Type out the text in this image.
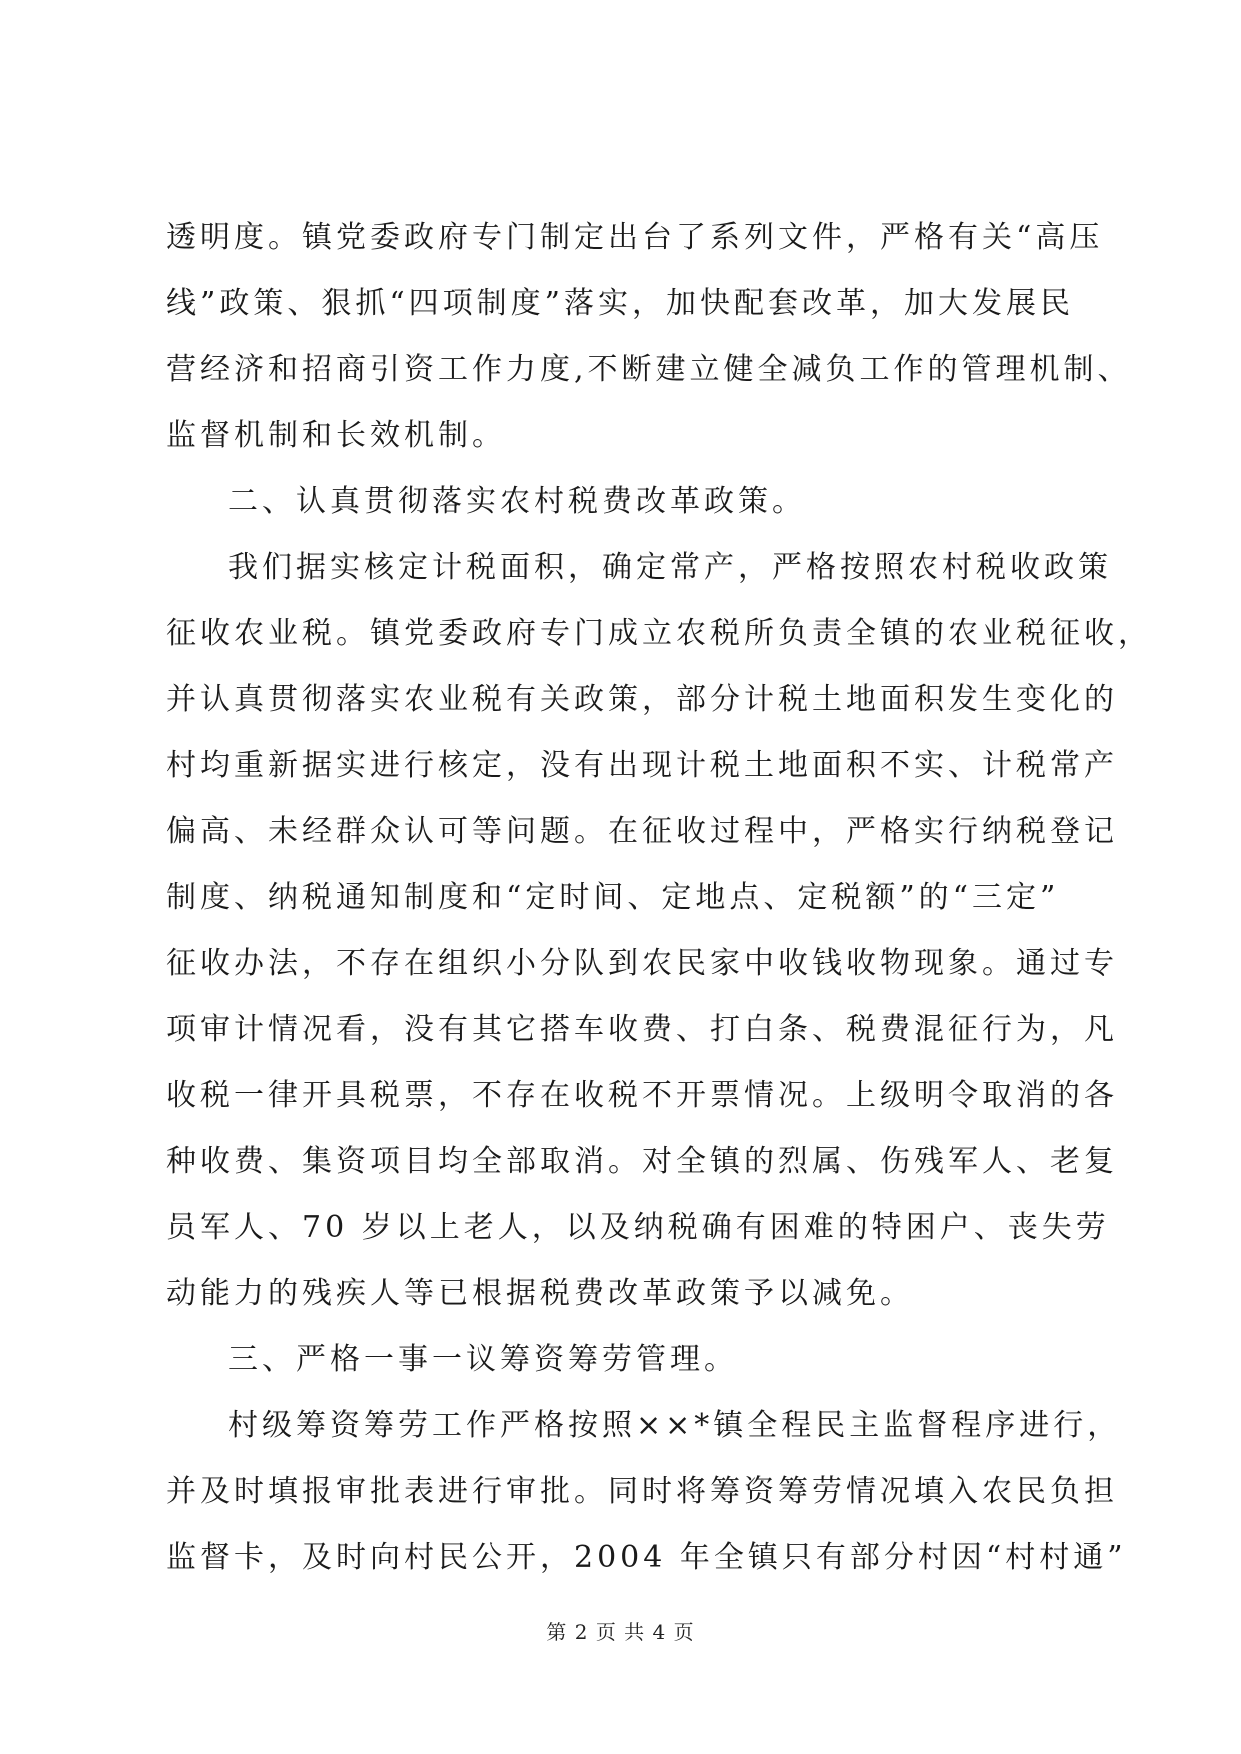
透明度。镇党委政府专门制定出台了系列文件，严格有关“高压
线”政策、狠抓“四项制度”落实，加快配套改革，加大发展民
营经济和招商引资工作力度,不断建立健全减负工作的管理机制、
监督机制和长效机制。
二、认真贯彻落实农村税费改革政策。
我们据实核定计税面积，确定常产，严格按照农村税收政策
征收农业税。镇党委政府专门成立农税所负责全镇的农业税征收，
并认真贯彻落实农业税有关政策，部分计税土地面积发生变化的
村均重新据实进行核定，没有出现计税土地面积不实、计税常产
偏高、未经群众认可等问题。在征收过程中，严格实行纳税登记
制度、纳税通知制度和“定时间、定地点、定税额”的“三定”
征收办法，不存在组织小分队到农民家中收钱收物现象。通过专
项审计情况看，没有其它搭车收费、打白条、税费混征行为，凡
收税一律开具税票，不存在收税不开票情况。上级明令取消的各
种收费、集资项目均全部取消。对全镇的烈属、伤残军人、老复
员军人、70 岁以上老人，以及纳税确有困难的特困户、丧失劳
动能力的残疾人等已根据税费改革政策予以减免。
三、严格一事一议筹资筹劳管理。
村级筹资筹劳工作严格按照××*镇全程民主监督程序进行，
并及时填报审批表进行审批。同时将筹资筹劳情况填入农民负担
监督卡，及时向村民公开，2004 年全镇只有部分村因“村村通”
第 2 页 共 4 页
